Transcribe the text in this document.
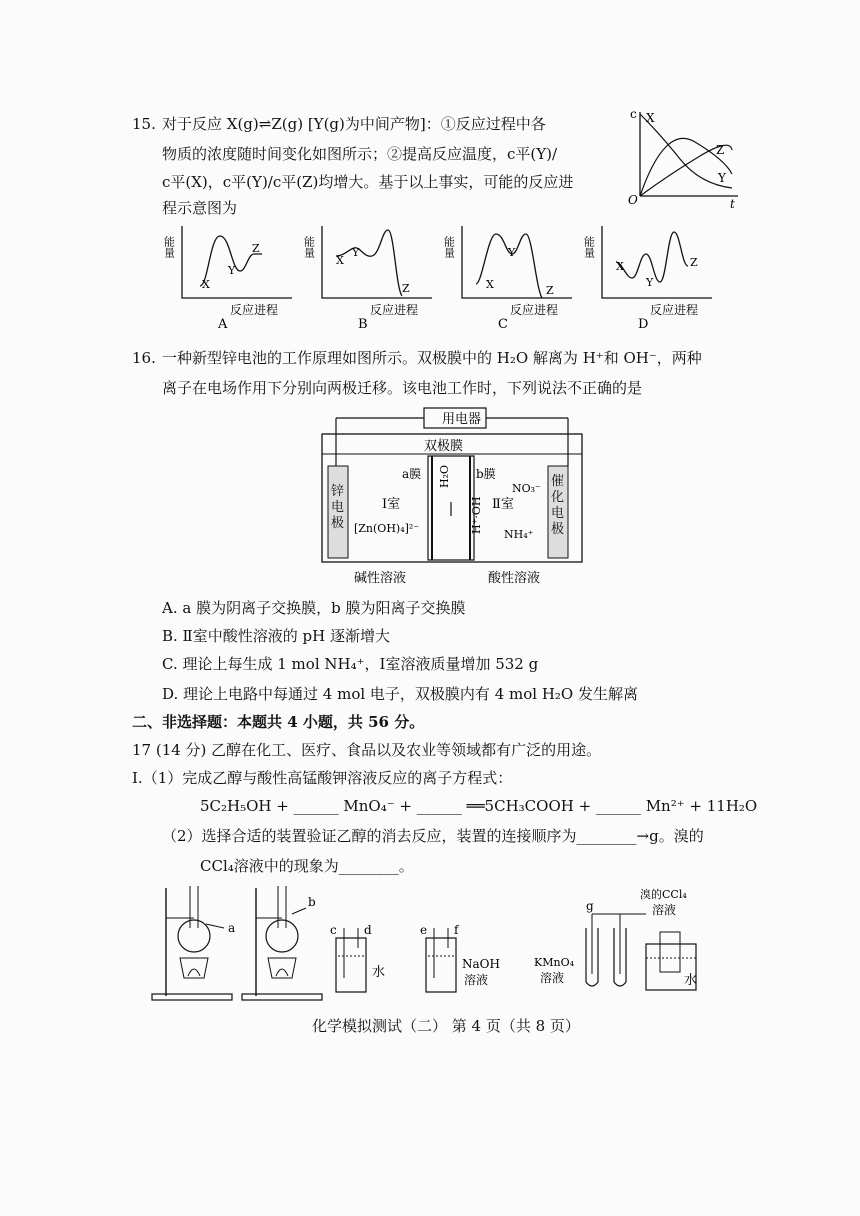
15. 对于反应 X(g)⇌Z(g) [Y(g)为中间产物]：①反应过程中各
物质的浓度随时间变化如图所示；②提高反应温度，c平(Y)/
c平(X)，c平(Y)/c平(Z)均增大。基于以上事实，可能的反应进
程示意图为
c X
Z
Y
O	t
X
Y
Z
反应进程
能量
A
X
Y
Z
反应进程
能量
B
X
Y
Z
反应进程
能量
C
X
Y
Z
反应进程
能量
D
16. 一种新型锌电池的工作原理如图所示。双极膜中的 H₂O 解离为 H⁺和 OH⁻，两种
离子在电场作用下分别向两极迁移。该电池工作时，下列说法不正确的是
双极膜
用电器
a膜	b膜
Ⅰ室	Ⅱ室
[Zn(OH)₄]²⁻
NO₃⁻
NH₄⁺
H⁺·OH⁻
H₂O
碱性溶液	酸性溶液
锌电极
催化电极
A. a 膜为阴离子交换膜，b 膜为阳离子交换膜
B. Ⅱ室中酸性溶液的 pH 逐渐增大
C. 理论上每生成 1 mol NH₄⁺，Ⅰ室溶液质量增加 532 g
D. 理论上电路中每通过 4 mol 电子，双极膜内有 4 mol H₂O 发生解离
二、非选择题：本题共 4 小题，共 56 分。
17 (14 分) 乙醇在化工、医疗、食品以及农业等领域都有广泛的用途。
Ⅰ.（1）完成乙醇与酸性高锰酸钾溶液反应的离子方程式：
5C₂H₅OH + ______ MnO₄⁻ + ______ ══5CH₃COOH + ______ Mn²⁺ + 11H₂O
（2）选择合适的装置验证乙醇的消去反应，装置的连接顺序为________→g。溴的
CCl₄溶液中的现象为________。
a
b
c d
水
e f
NaOH
溶液
g
KMnO₄
溶液
溴的CCl₄
溶液
水
化学模拟测试（二） 第 4 页（共 8 页）
